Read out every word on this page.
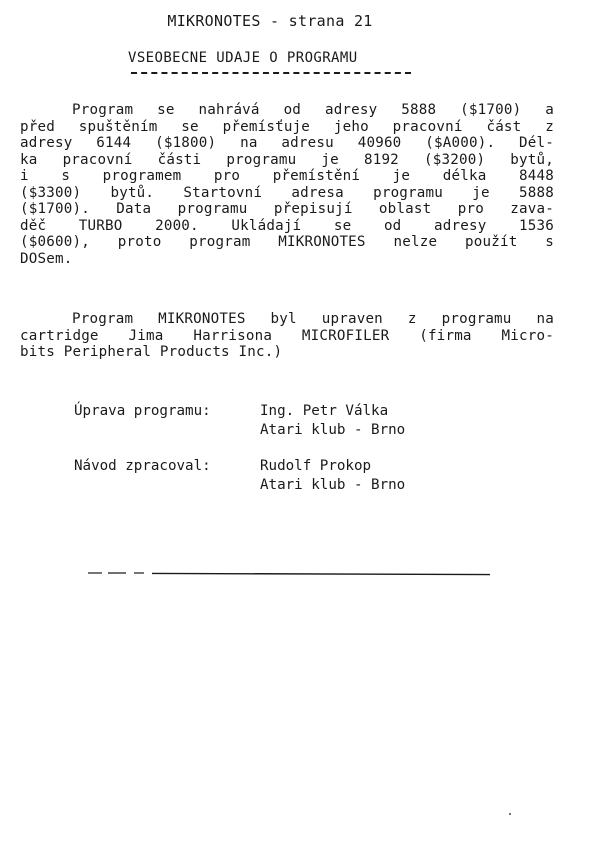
MIKRONOTES - strana 21
VSEOBECNE UDAJE O PROGRAMU
Program se nahrává od adresy 5888 ($1700) a
před spuštěním se přemísťuje jeho pracovní část z
adresy 6144 ($1800) na adresu 40960 ($A000). Dél-
ka pracovní části programu je 8192 ($3200) bytů,
i s programem pro přemístění je délka 8448
($3300) bytů. Startovní adresa programu je 5888
($1700). Data programu přepisují oblast pro zava-
děč TURBO 2000. Ukládají se od adresy 1536
($0600), proto program MIKRONOTES nelze použít s
DOSem.
Program MIKRONOTES byl upraven z programu na
cartridge Jima Harrisona MICROFILER (firma Micro-
bits Peripheral Products Inc.)
Úprava programu:	Ing. Petr Válka
Atari klub - Brno
Návod zpracoval:	Rudolf Prokop
Atari klub - Brno
